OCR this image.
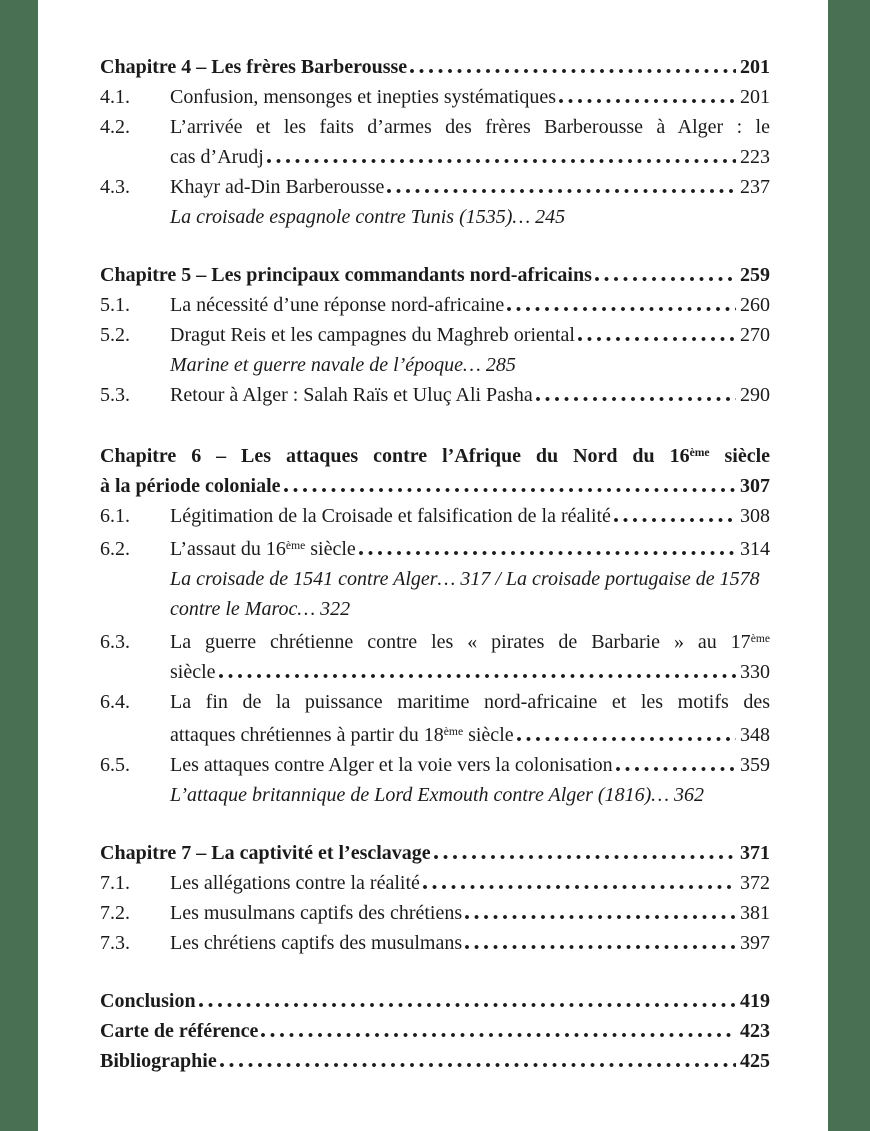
Chapitre 4 – Les frères Barberousse	201
4.1.	Confusion, mensonges et inepties systématiques	201
4.2.	L’arrivée et les faits d’armes des frères Barberousse à Alger : le
cas d’Arudj	223
4.3.	Khayr ad-Din Barberousse	237
La croisade espagnole contre Tunis (1535)… 245
Chapitre 5 – Les principaux commandants nord-africains	259
5.1.	La nécessité d’une réponse nord-africaine	260
5.2.	Dragut Reis et les campagnes du Maghreb oriental	270
Marine et guerre navale de l’époque… 285
5.3.	Retour à Alger : Salah Raïs et Uluç Ali Pasha	290
Chapitre 6 – Les attaques contre l’Afrique du Nord du 16ème siècle
à la période coloniale	307
6.1.	Légitimation de la Croisade et falsification de la réalité	308
6.2.	L’assaut du 16ème siècle	314
La croisade de 1541 contre Alger… 317 / La croisade portugaise de 1578
contre le Maroc… 322
6.3.	La guerre chrétienne contre les « pirates de Barbarie » au 17ème
siècle	330
6.4.	La fin de la puissance maritime nord-africaine et les motifs des
attaques chrétiennes à partir du 18ème siècle	348
6.5.	Les attaques contre Alger et la voie vers la colonisation	359
L’attaque britannique de Lord Exmouth contre Alger (1816)… 362
Chapitre 7 – La captivité et l’esclavage	371
7.1.	Les allégations contre la réalité	372
7.2.	Les musulmans captifs des chrétiens	381
7.3.	Les chrétiens captifs des musulmans	397
Conclusion	419
Carte de référence	423
Bibliographie	425
